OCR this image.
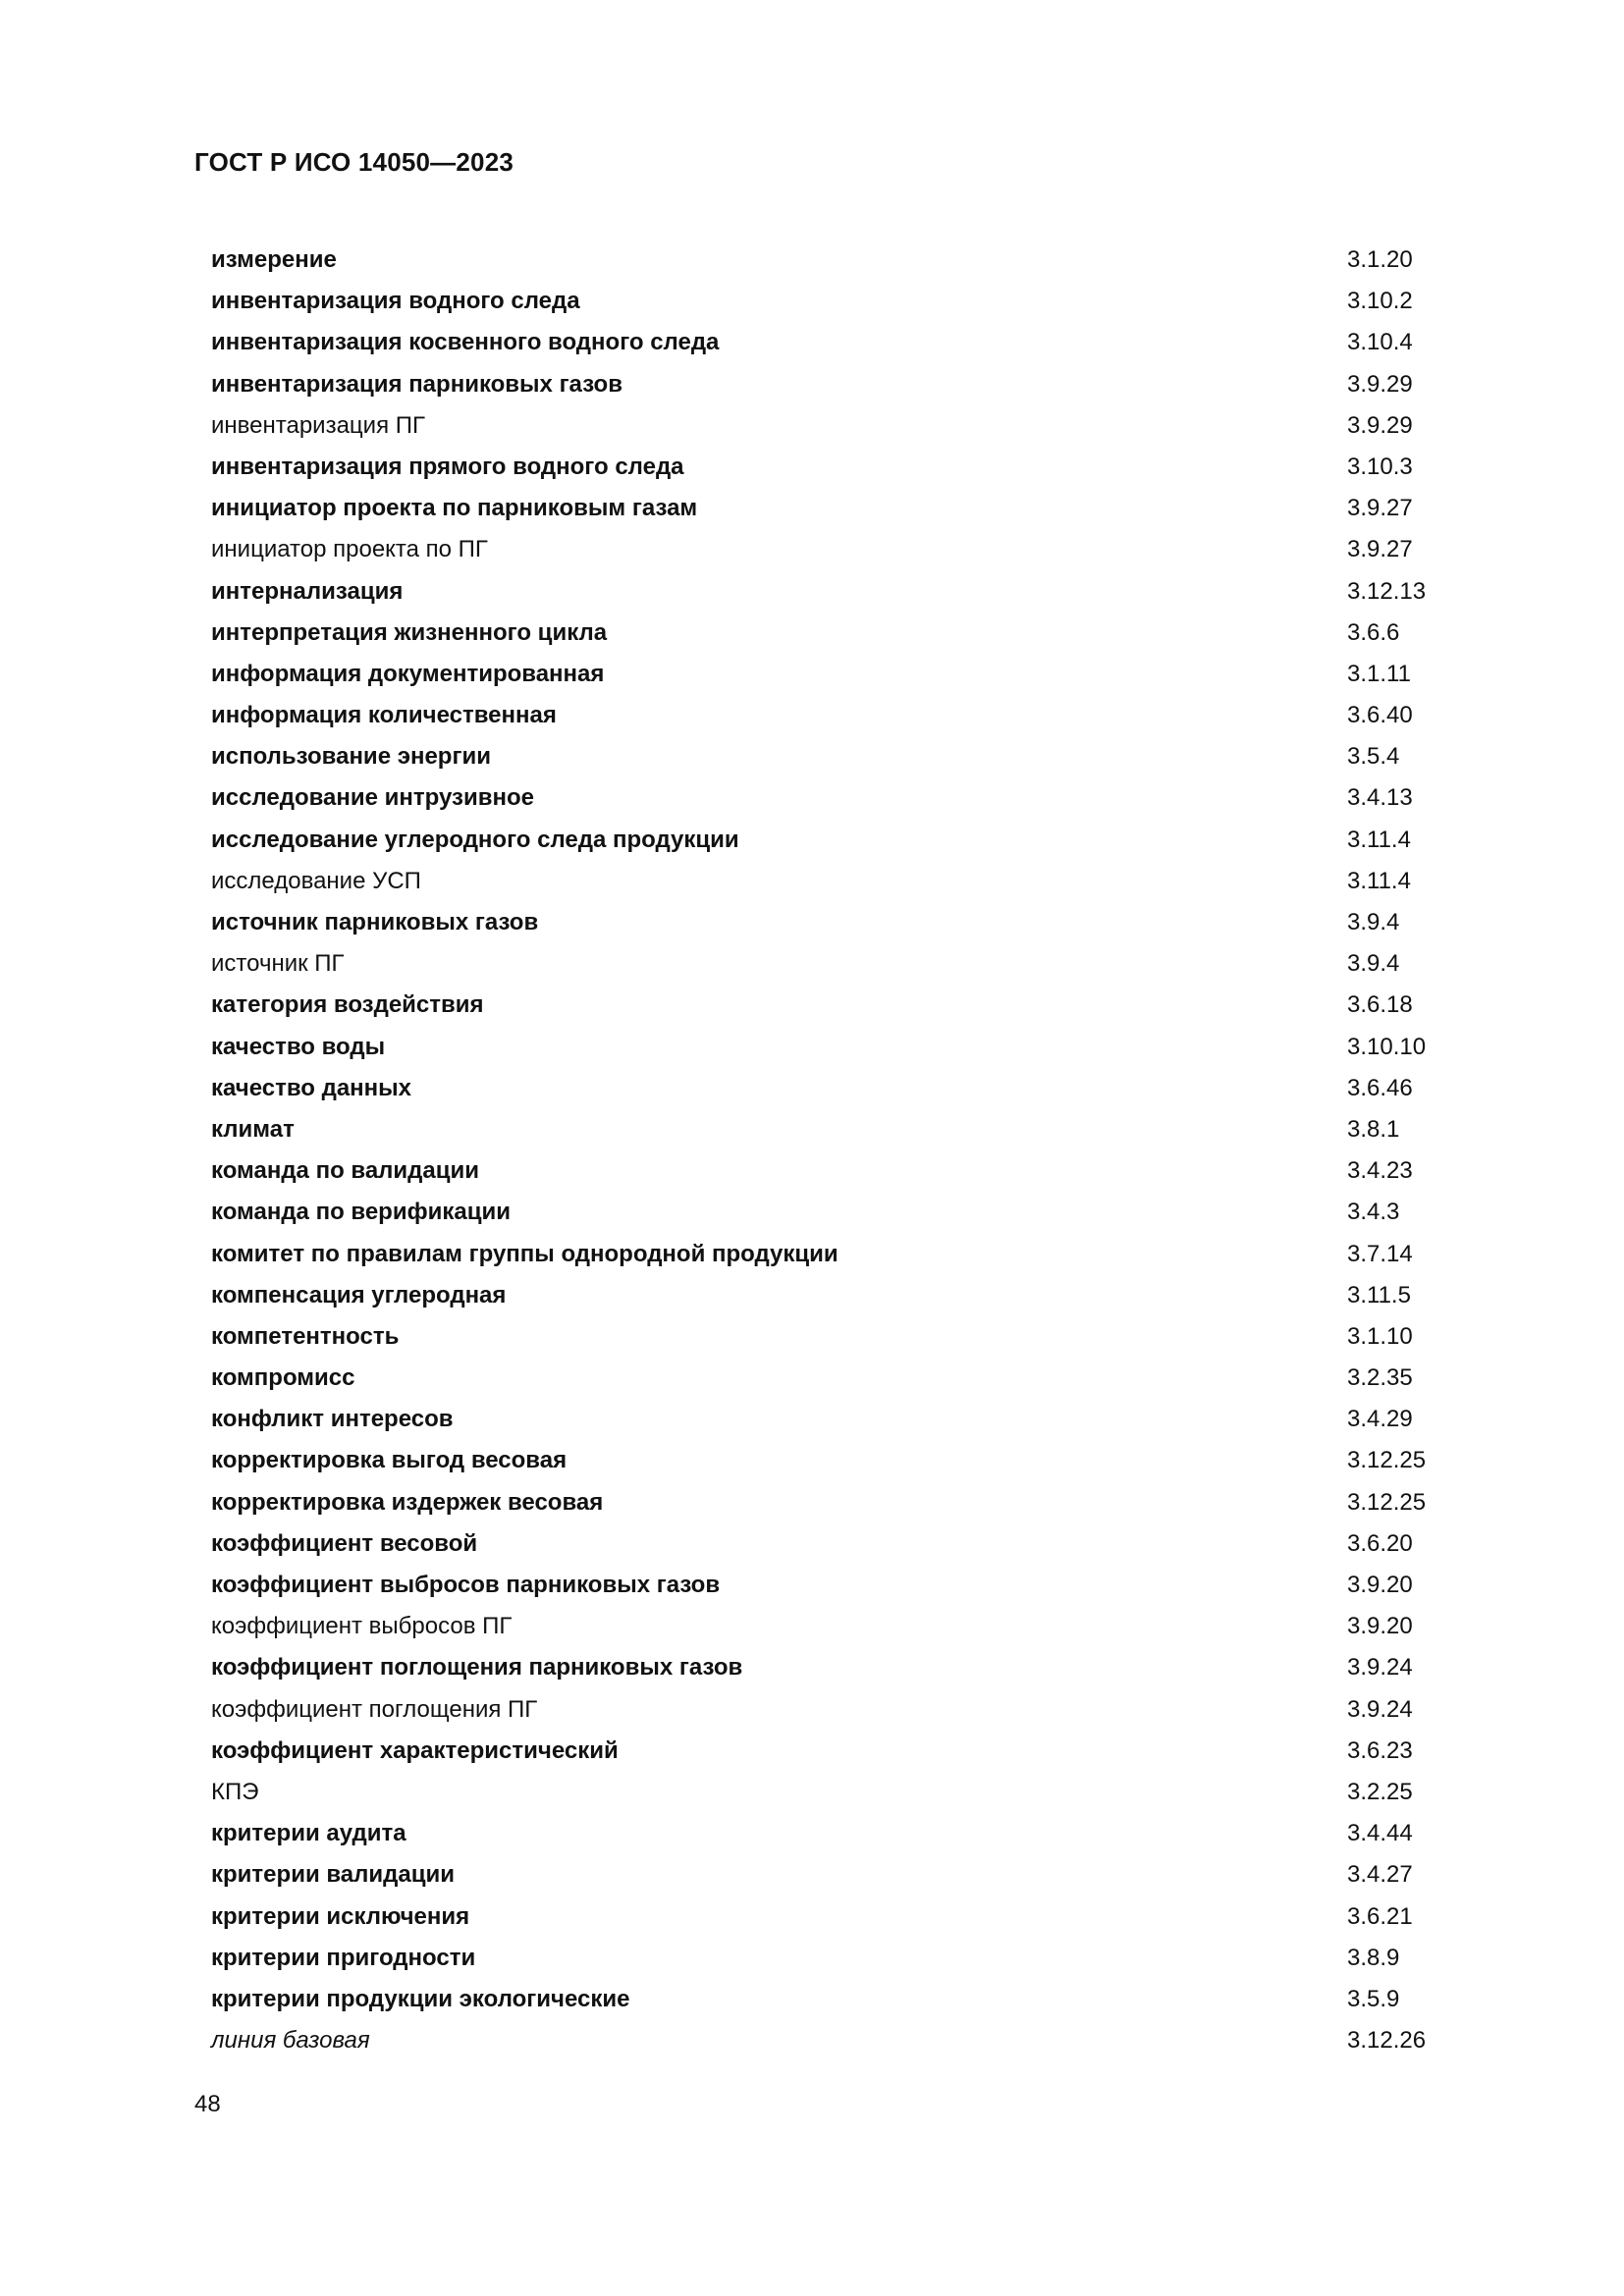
ГОСТ Р ИСО 14050—2023
измерение	3.1.20
инвентаризация водного следа	3.10.2
инвентаризация косвенного водного следа	3.10.4
инвентаризация парниковых газов	3.9.29
инвентаризация ПГ	3.9.29
инвентаризация прямого водного следа	3.10.3
инициатор проекта по парниковым газам	3.9.27
инициатор проекта по ПГ	3.9.27
интернализация	3.12.13
интерпретация жизненного цикла	3.6.6
информация документированная	3.1.11
информация количественная	3.6.40
использование энергии	3.5.4
исследование интрузивное	3.4.13
исследование углеродного следа продукции	3.11.4
исследование УСП	3.11.4
источник парниковых газов	3.9.4
источник ПГ	3.9.4
категория воздействия	3.6.18
качество воды	3.10.10
качество данных	3.6.46
климат	3.8.1
команда по валидации	3.4.23
команда по верификации	3.4.3
комитет по правилам группы однородной продукции	3.7.14
компенсация углеродная	3.11.5
компетентность	3.1.10
компромисс	3.2.35
конфликт интересов	3.4.29
корректировка выгод весовая	3.12.25
корректировка издержек весовая	3.12.25
коэффициент весовой	3.6.20
коэффициент выбросов парниковых газов	3.9.20
коэффициент выбросов ПГ	3.9.20
коэффициент поглощения парниковых газов	3.9.24
коэффициент поглощения ПГ	3.9.24
коэффициент характеристический	3.6.23
КПЭ	3.2.25
критерии аудита	3.4.44
критерии валидации	3.4.27
критерии исключения	3.6.21
критерии пригодности	3.8.9
критерии продукции экологические	3.5.9
линия базовая	3.12.26
48
